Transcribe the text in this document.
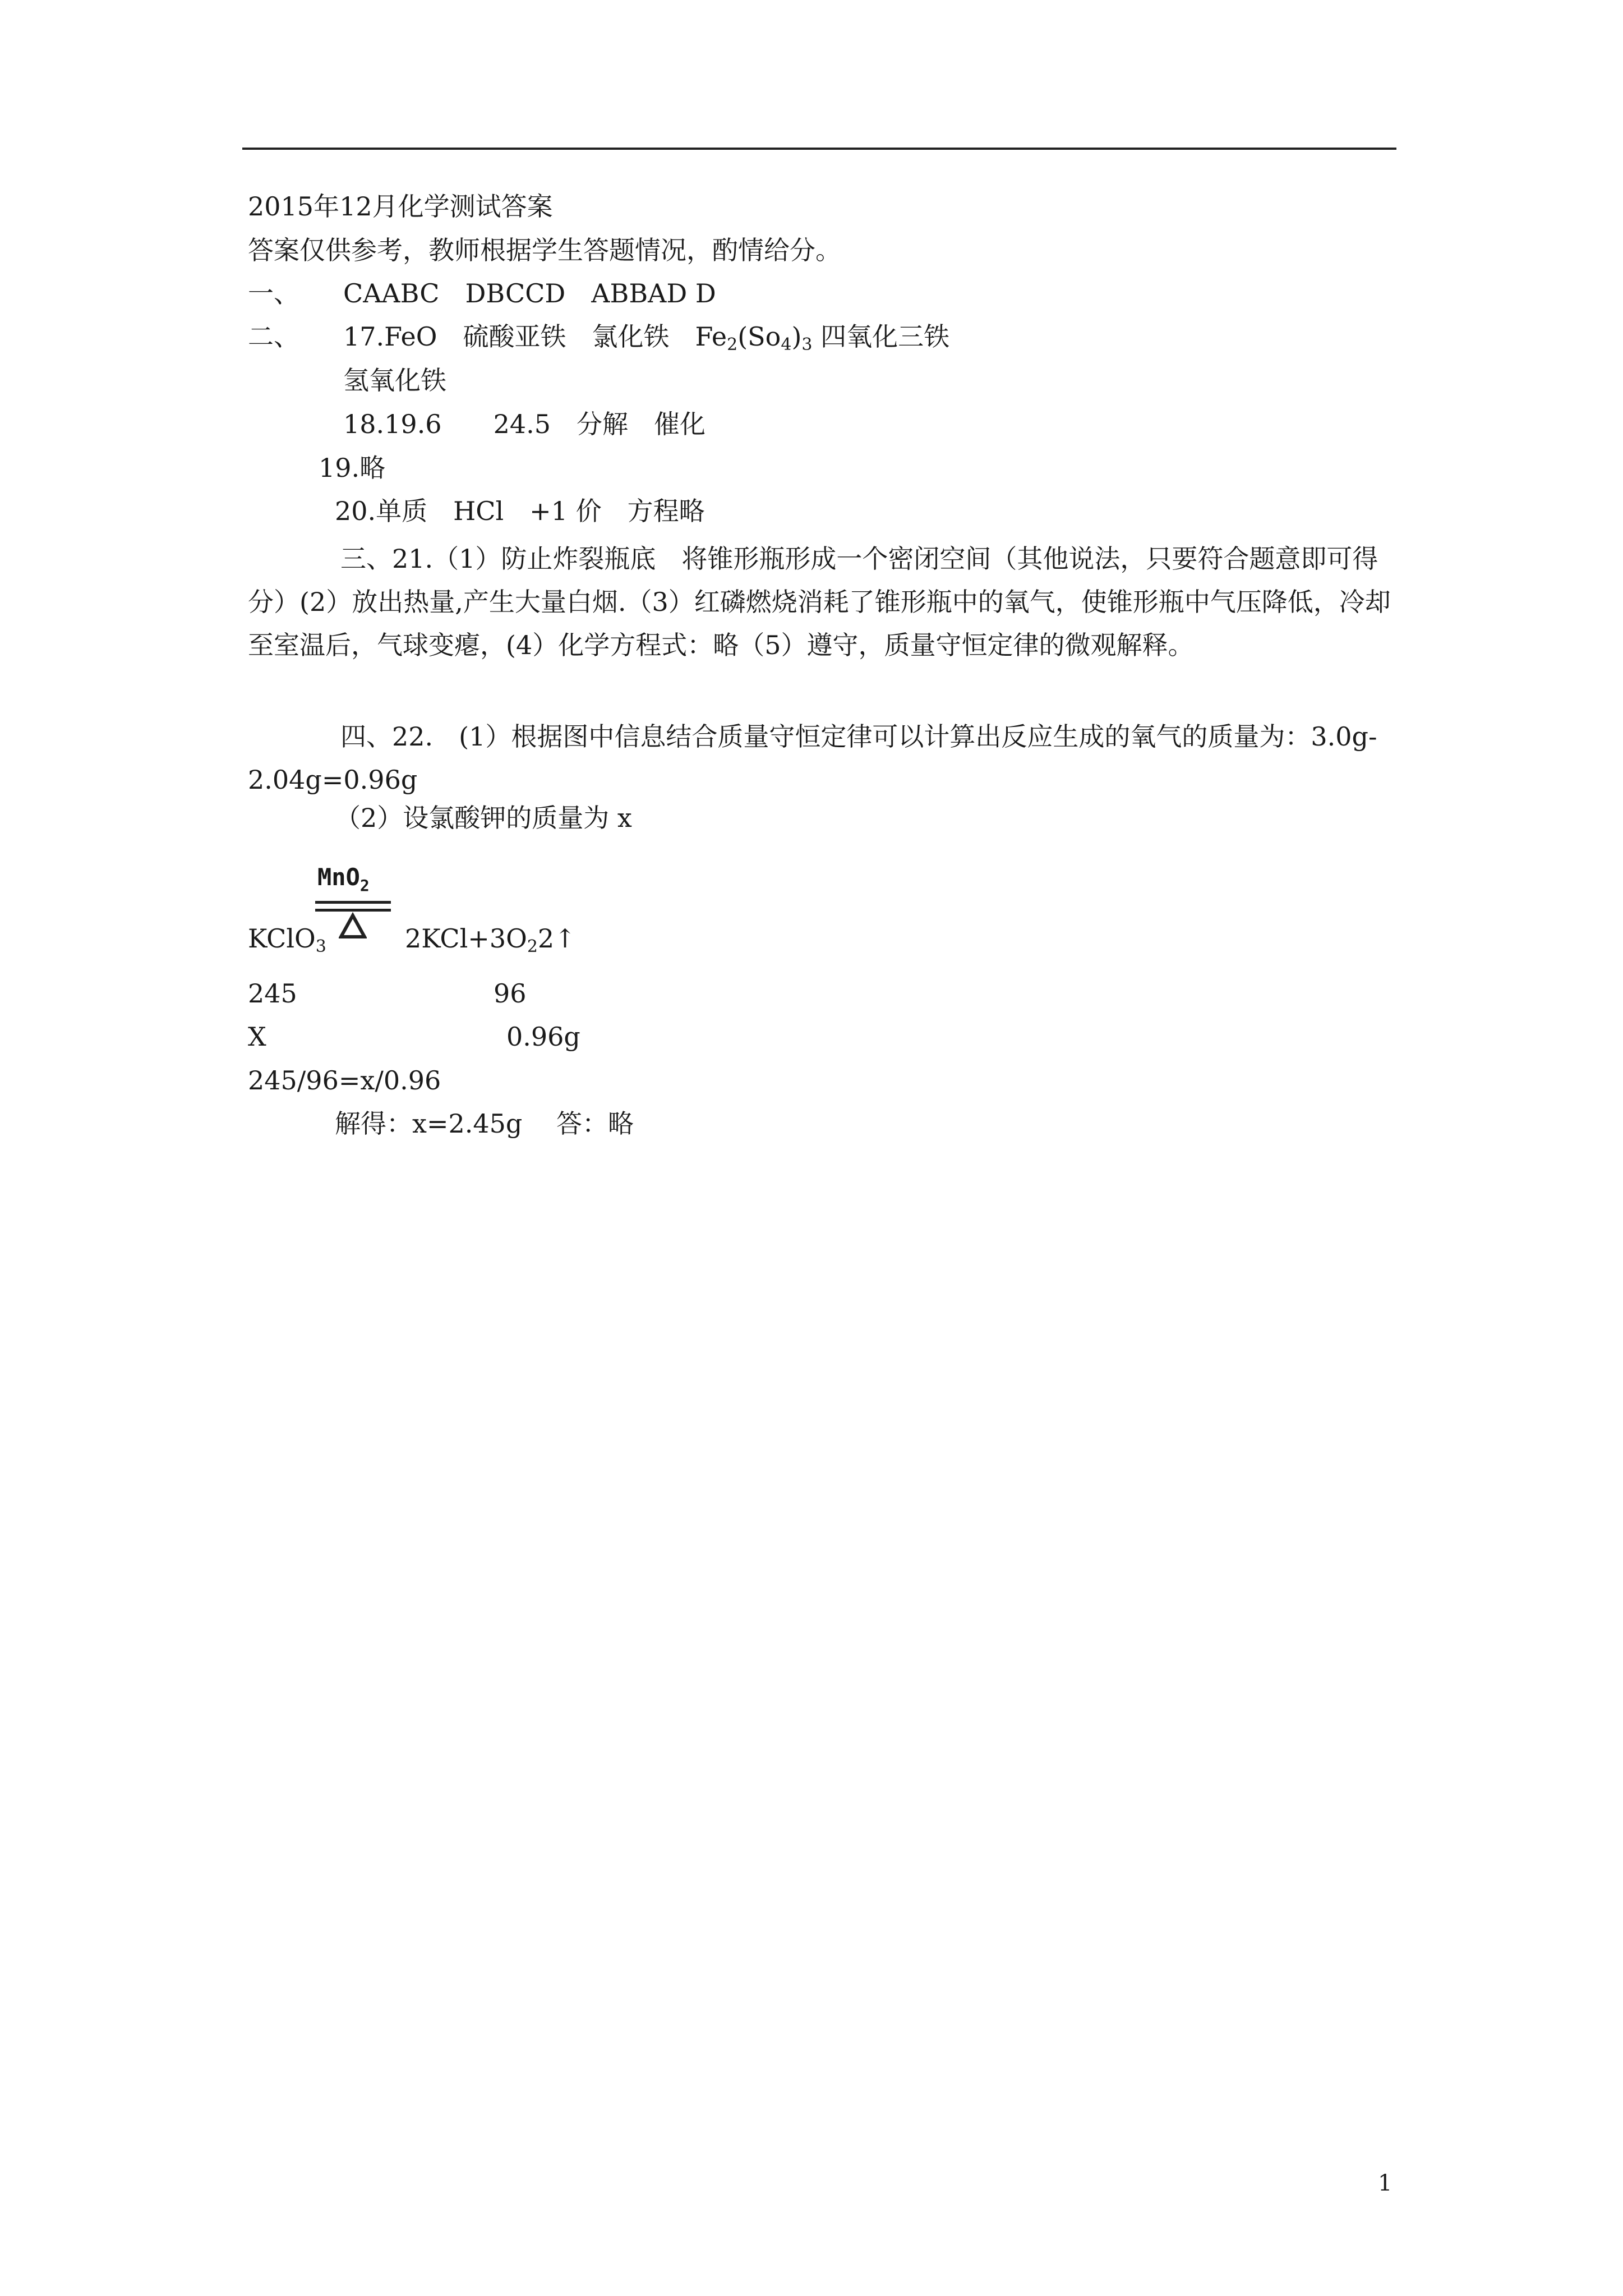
2015年12月化学测试答案
答案仅供参考，教师根据学生答题情况，酌情给分。
一、 CAABC　DBCCD　ABBAD D
二、 17.FeO　硫酸亚铁　氯化铁　$Fe_2(So_4)_3$ 四氧化三铁
氢氧化铁
18.19.6　　24.5　分解　催化
19.略
20.单质　HCl　+1 价　方程略
三、21.（1）防止炸裂瓶底　将锥形瓶形成一个密闭空间（其他说法，只要符合题意即可得分）(2）放出热量,产生大量白烟.（3）红磷燃烧消耗了锥形瓶中的氧气，使锥形瓶中气压降低，冷却至室温后，气球变瘪，(4）化学方程式：略（5）遵守，质量守恒定律的微观解释。
四、22.　(1）根据图中信息结合质量守恒定律可以计算出反应生成的氧气的质量为：3.0g-2.04g=0.96g
（2）设氯酸钾的质量为 x
MnO$_2$
KClO$_3$	$2KCl+3O_22↑$
245	96
X	0.96g
245/96=x/0.96
解得：x=2.45g　 答：略
1
